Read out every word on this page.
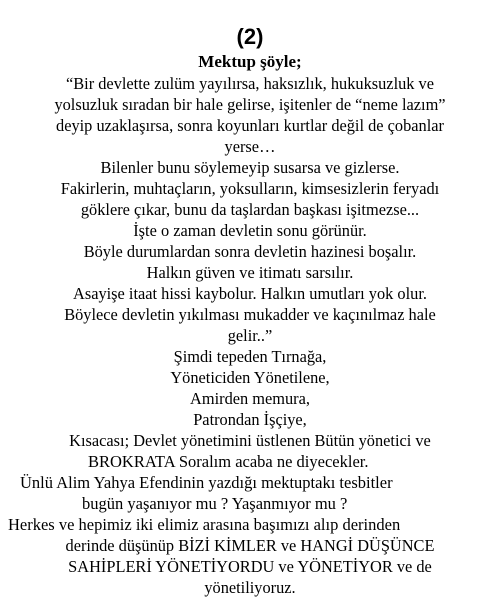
(2)
Mektup şöyle;
“Bir devlette zulüm yayılırsa, haksızlık, hukuksuzluk ve
yolsuzluk sıradan bir hale gelirse, işitenler de “neme lazım”
deyip uzaklaşırsa, sonra koyunları kurtlar değil de çobanlar
yerse…
Bilenler bunu söylemeyip susarsa ve gizlerse.
Fakirlerin, muhtaçların, yoksulların, kimsesizlerin feryadı
göklere çıkar, bunu da taşlardan başkası işitmezse...
İşte o zaman devletin sonu görünür.
Böyle durumlardan sonra devletin hazinesi boşalır.
Halkın güven ve itimatı sarsılır.
Asayişe itaat hissi kaybolur. Halkın umutları yok olur.
Böylece devletin yıkılması mukadder ve kaçınılmaz hale
gelir..”
Şimdi tepeden Tırnağa,
Yöneticiden Yönetilene,
Amirden memura,
Patrondan İşçiye,
Kısacası; Devlet yönetimini üstlenen Bütün yönetici ve
BROKRATA Soralım acaba ne diyecekler.
Ünlü Alim Yahya Efendinin yazdığı mektuptakı tesbitler
bugün yaşanıyor mu ? Yaşanmıyor mu ?
Herkes ve hepimiz iki elimiz arasına başımızı alıp derinden
derinde düşünüp BİZİ KİMLER ve HANGİ DÜŞÜNCE
SAHİPLERİ YÖNETİYORDU ve YÖNETİYOR ve de
yönetiliyoruz.
